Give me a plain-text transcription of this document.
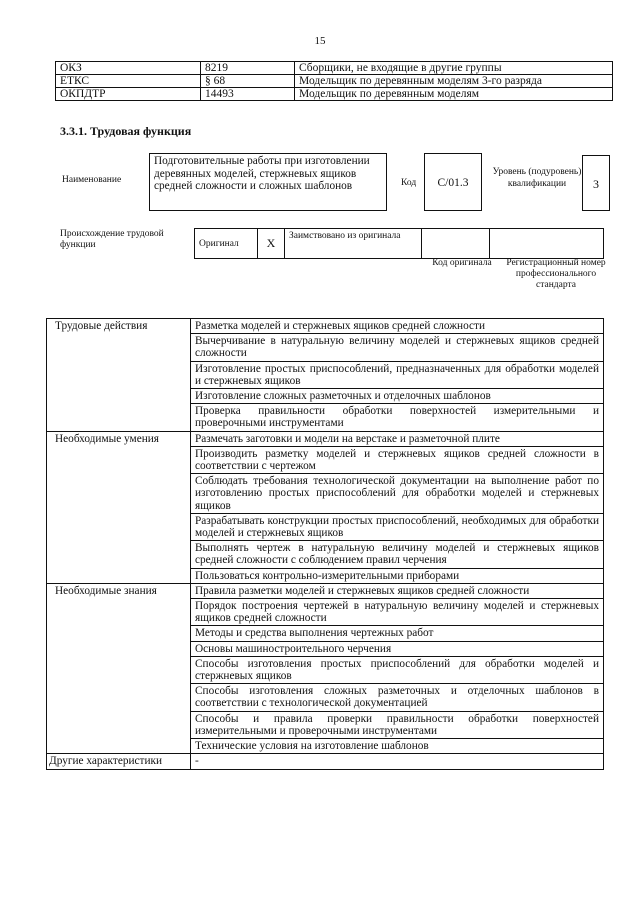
15
ОКЗ	8219	Сборщики, не входящие в другие группы
ЕТКС	§ 68	Модельщик по деревянным моделям 3-го разряда
ОКПДТР	14493	Модельщик по деревянным моделям
3.3.1. Трудовая функция
Наименование
Подготовительные работы при изготовлении деревянных моделей, стержневых ящиков средней сложности и сложных шаблонов	Код	С/01.3
Уровень (подуровень) квалификации	3
Происхождение трудовой функции	Оригинал	X	Заимствовано из оригинала		
Код оригинала	Регистрационный номер профессионального стандарта
Трудовые действия	Разметка моделей и стержневых ящиков средней сложности
	Вычерчивание в натуральную величину моделей и стержневых ящиков средней сложности
	Изготовление простых приспособлений, предназначенных для обработки моделей и стержневых ящиков
	Изготовление сложных разметочных и отделочных шаблонов
	Проверка правильности обработки поверхностей измерительными и проверочными инструментами
Необходимые умения	Размечать заготовки и модели на верстаке и разметочной плите
	Производить разметку моделей и стержневых ящиков средней сложности в соответствии с чертежом
	Соблюдать требования технологической документации на выполнение работ по изготовлению простых приспособлений для обработки моделей и стержневых ящиков
	Разрабатывать конструкции простых приспособлений, необходимых для обработки моделей и стержневых ящиков
	Выполнять чертеж в натуральную величину моделей и стержневых ящиков средней сложности с соблюдением правил черчения
	Пользоваться контрольно-измерительными приборами
Необходимые знания	Правила разметки моделей и стержневых ящиков средней сложности
	Порядок построения чертежей в натуральную величину моделей и стержневых ящиков средней сложности
	Методы и средства выполнения чертежных работ
	Основы машиностроительного черчения
	Способы изготовления простых приспособлений для обработки моделей и стержневых ящиков
	Способы изготовления сложных разметочных и отделочных шаблонов в соответствии с технологической документацией
	Способы и правила проверки правильности обработки поверхностей измерительными и проверочными инструментами
	Технические условия на изготовление шаблонов
Другие характеристики	-
